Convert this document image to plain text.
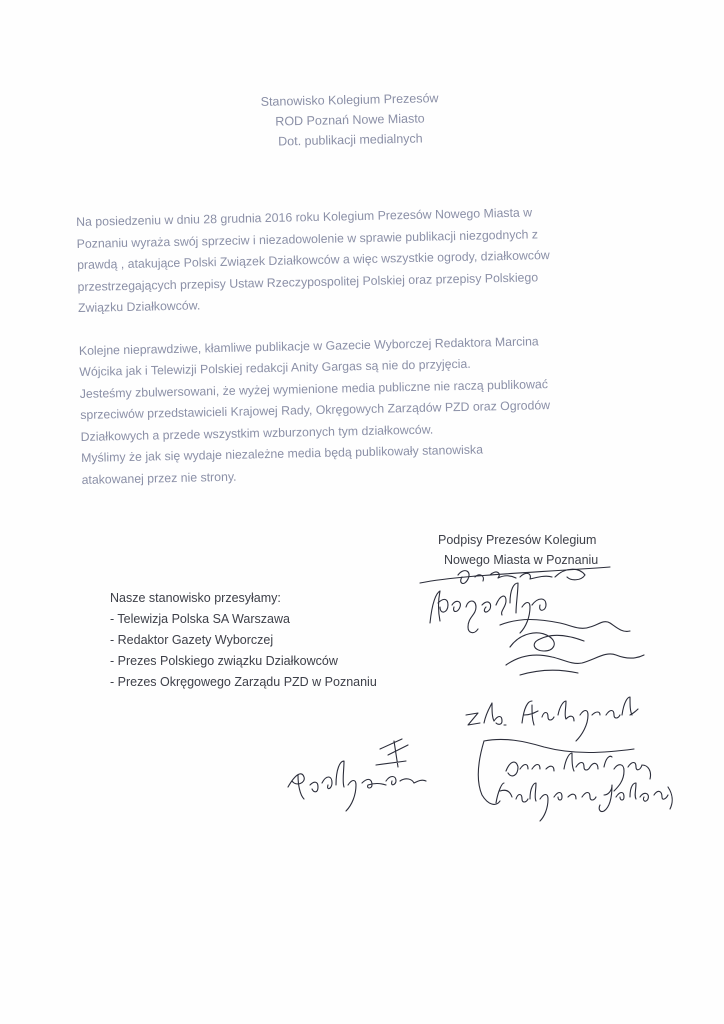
Stanowisko Kolegium Prezesów
ROD Poznań Nowe Miasto
Dot. publikacji medialnych
Na posiedzeniu w dniu 28 grudnia 2016 roku Kolegium Prezesów Nowego Miasta w
Poznaniu wyraża swój sprzeciw i niezadowolenie w sprawie publikacji niezgodnych z
prawdą , atakujące Polski Związek Działkowców a więc wszystkie ogrody, działkowców
przestrzegających przepisy Ustaw Rzeczypospolitej Polskiej oraz przepisy Polskiego
Związku Działkowców.
Kolejne nieprawdziwe, kłamliwe publikacje w Gazecie Wyborczej Redaktora Marcina
Wójcika jak i Telewizji Polskiej redakcji Anity Gargas są nie do przyjęcia.
Jesteśmy zbulwersowani, że wyżej wymienione media publiczne nie raczą publikować
sprzeciwów przedstawicieli Krajowej Rady, Okręgowych Zarządów PZD oraz Ogrodów
Działkowych a przede wszystkim wzburzonych tym działkowców.
Myślimy że jak się wydaje niezależne media będą publikowały stanowiska
atakowanej przez nie strony.
Podpisy Prezesów Kolegium
Nowego Miasta w Poznaniu
Nasze stanowisko przesyłamy:
- Telewizja Polska SA Warszawa
- Redaktor Gazety Wyborczej
- Prezes Polskiego związku Działkowców
- Prezes Okręgowego Zarządu PZD w Poznaniu
